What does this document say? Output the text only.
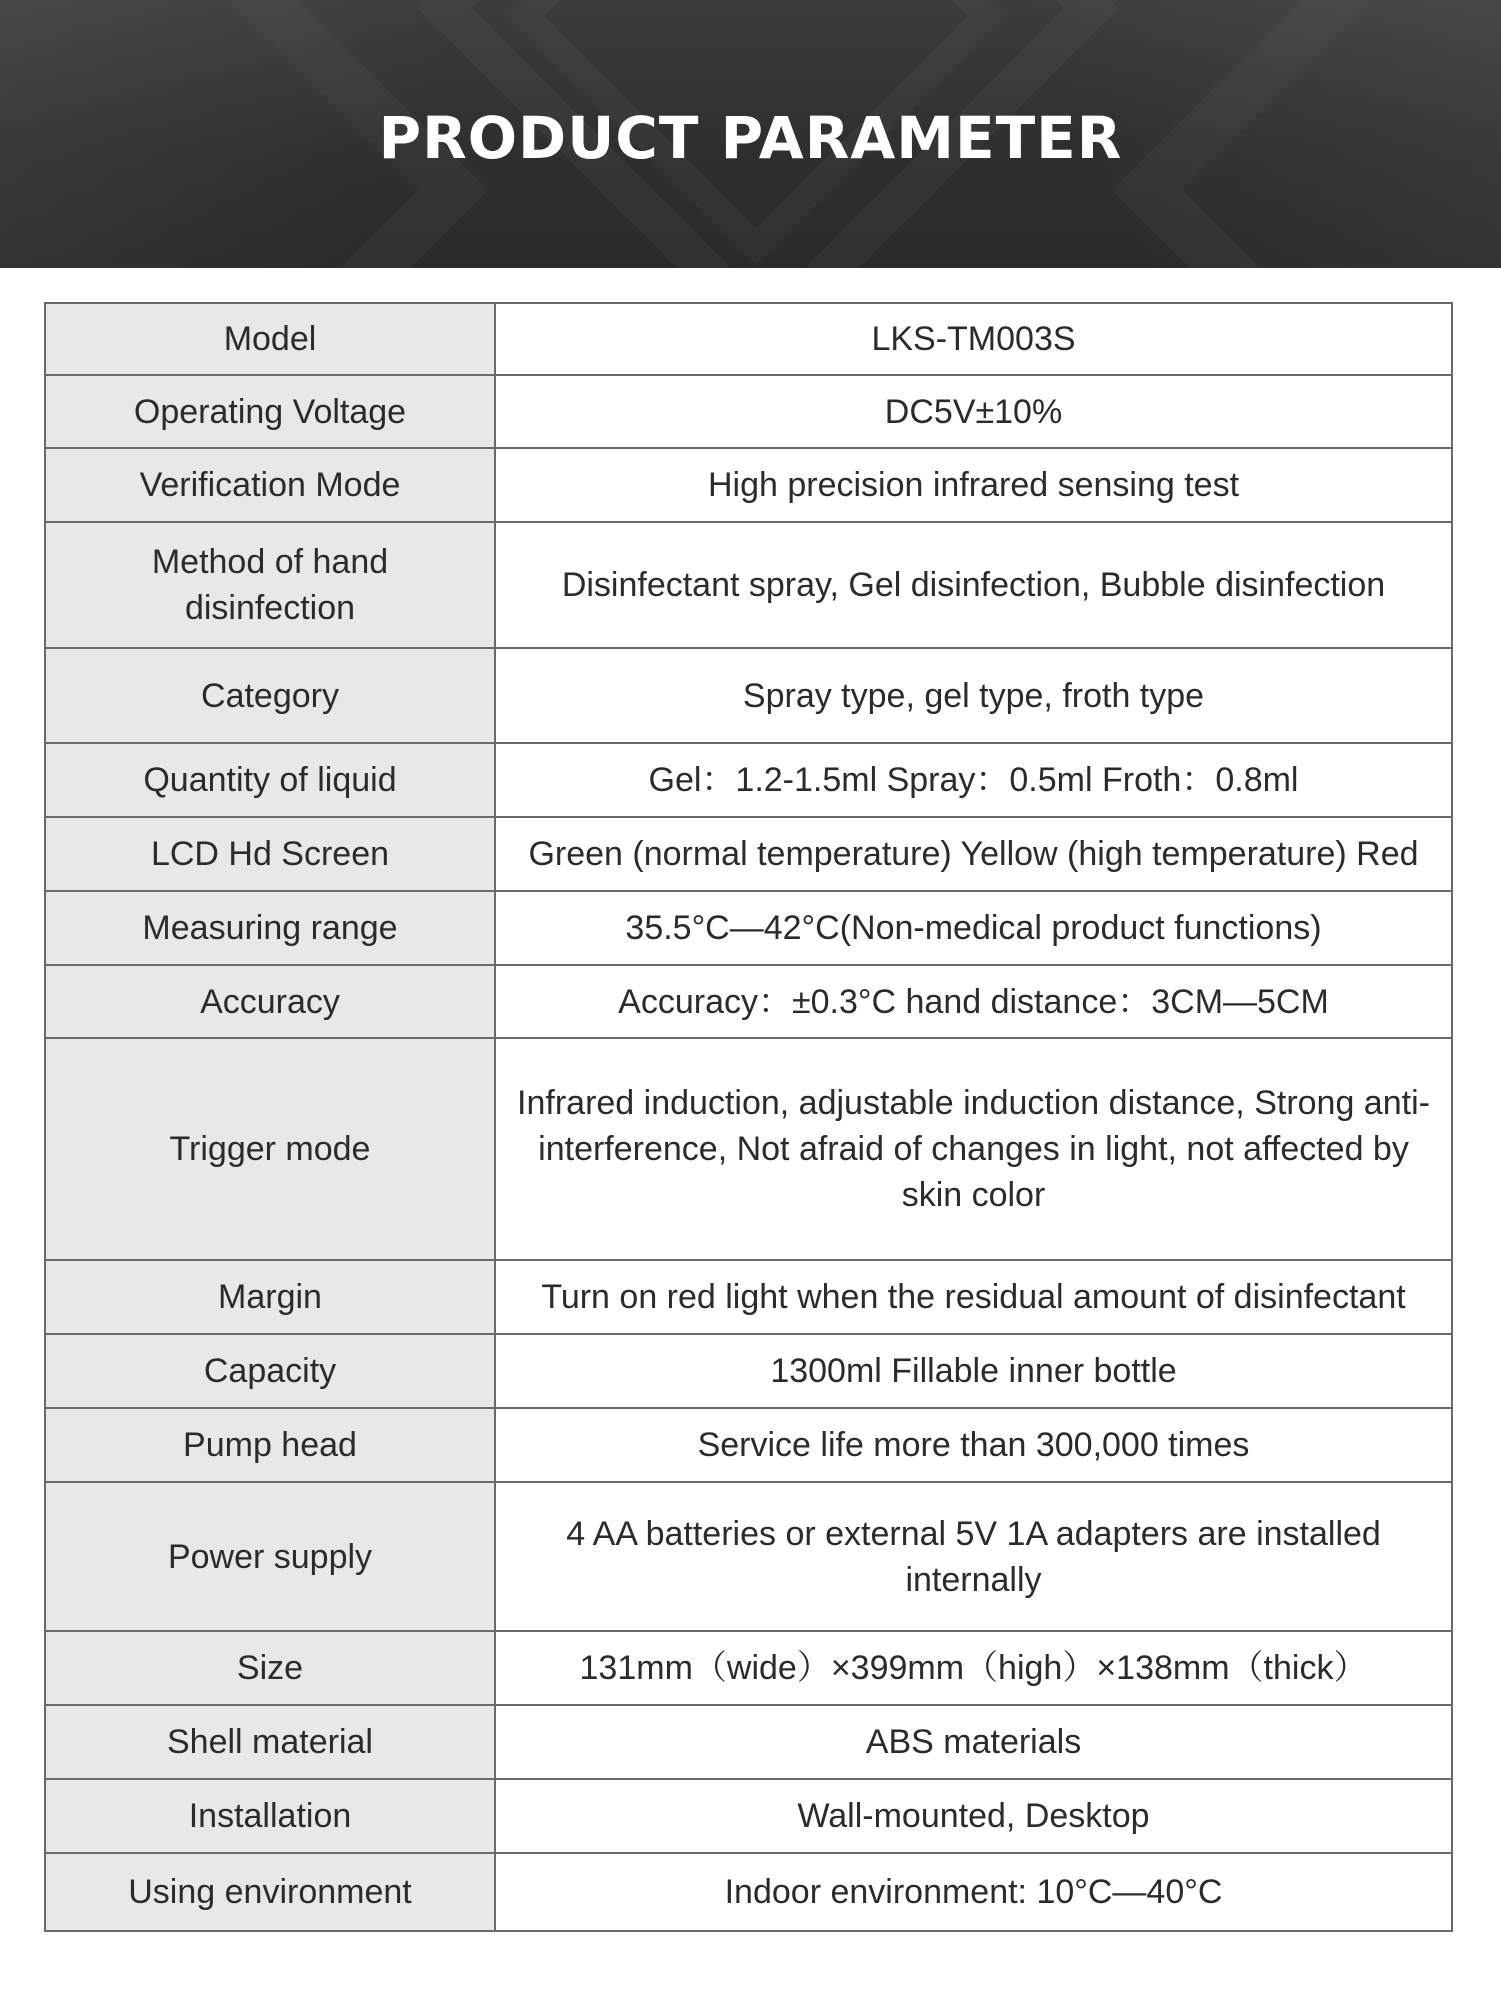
PRODUCT PARAMETER
Model	LKS-TM003S
Operating Voltage	DC5V±10%
Verification Mode	High precision infrared sensing test
Method of hand disinfection	Disinfectant spray, Gel disinfection, Bubble disinfection
Category	Spray type, gel type, froth type
Quantity of liquid	Gel：1.2-1.5ml Spray：0.5ml Froth：0.8ml
LCD Hd Screen	Green (normal temperature) Yellow (high temperature) Red
Measuring range	35.5°C—42°C(Non-medical product functions)
Accuracy	Accuracy：±0.3°C hand distance：3CM—5CM
Trigger mode	Infrared induction, adjustable induction distance, Strong anti-interference, Not afraid of changes in light, not affected by skin color
Margin	Turn on red light when the residual amount of disinfectant
Capacity	1300ml Fillable inner bottle
Pump head	Service life more than 300,000 times
Power supply	4 AA batteries or external 5V 1A adapters are installed internally
Size	131mm（wide）×399mm（high）×138mm（thick）
Shell material	ABS materials
Installation	Wall-mounted, Desktop
Using environment	Indoor environment: 10°C—40°C
